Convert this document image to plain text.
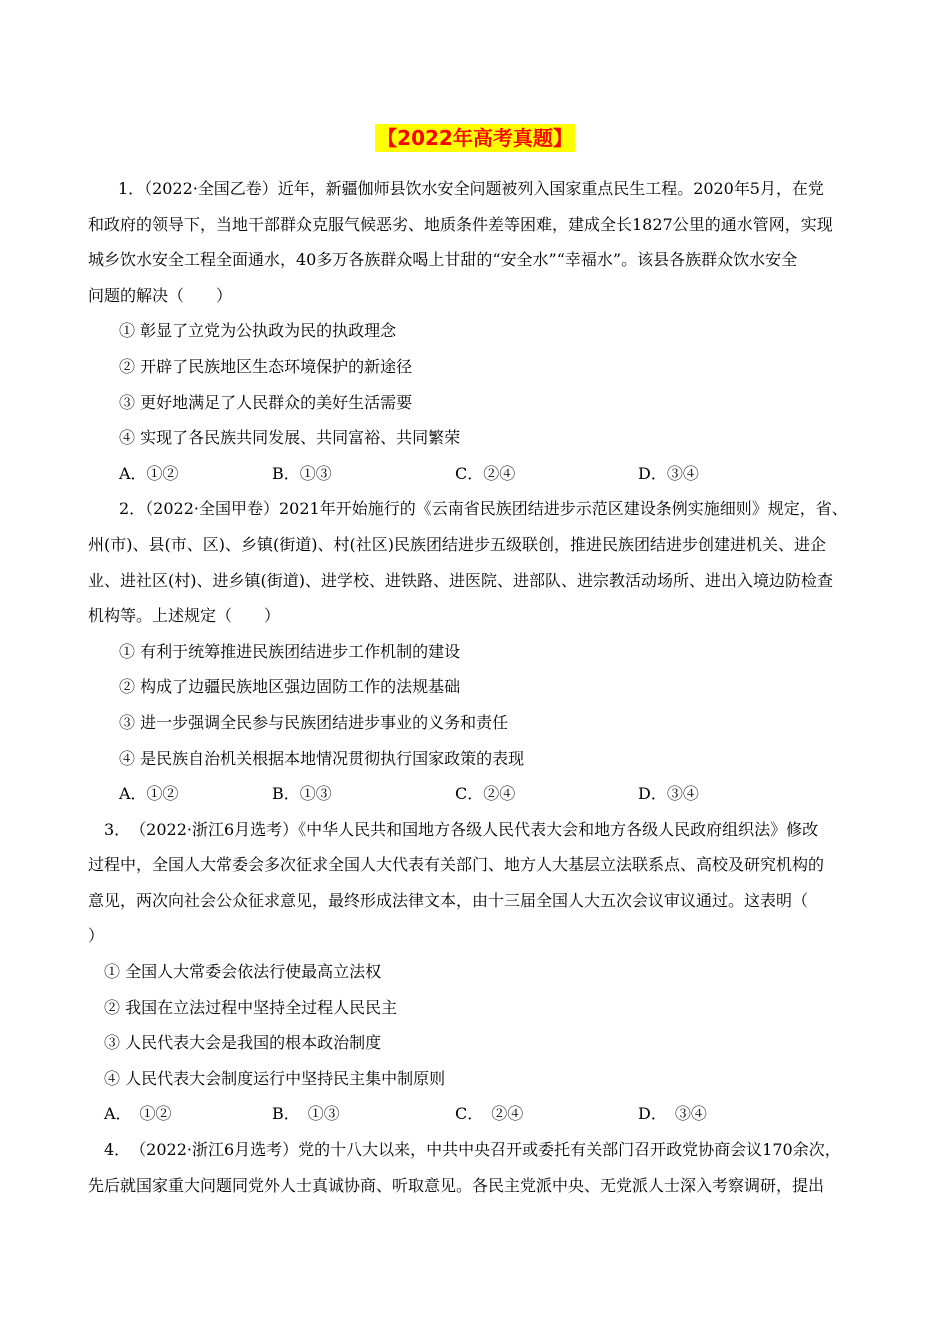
【2022年高考真题】
1．（2022·全国乙卷）近年，新疆伽师县饮水安全问题被列入国家重点民生工程。2020年5月，在党
和政府的领导下，当地干部群众克服气候恶劣、地质条件差等困难，建成全长1827公里的通水管网，实现
城乡饮水安全工程全面通水，40多万各族群众喝上甘甜的“安全水”“幸福水”。该县各族群众饮水安全
问题的解决（　　）
① 彰显了立党为公执政为民的执政理念
② 开辟了民族地区生态环境保护的新途径
③ 更好地满足了人民群众的美好生活需要
④ 实现了各民族共同发展、共同富裕、共同繁荣
A．①②	B．①③	C．②④	D．③④
2．（2022·全国甲卷）2021年开始施行的《云南省民族团结进步示范区建设条例实施细则》规定，省、
州(市)、县(市、区)、乡镇(街道)、村(社区)民族团结进步五级联创，推进民族团结进步创建进机关、进企
业、进社区(村)、进乡镇(街道)、进学校、进铁路、进医院、进部队、进宗教活动场所、进出入境边防检查
机构等。上述规定（　　）
① 有利于统筹推进民族团结进步工作机制的建设
② 构成了边疆民族地区强边固防工作的法规基础
③ 进一步强调全民参与民族团结进步事业的义务和责任
④ 是民族自治机关根据本地情况贯彻执行国家政策的表现
A．①②	B．①③	C．②④	D．③④
3．　（2022·浙江6月选考）《中华人民共和国地方各级人民代表大会和地方各级人民政府组织法》修改
过程中，全国人大常委会多次征求全国人大代表有关部门、地方人大基层立法联系点、高校及研究机构的
意见，两次向社会公众征求意见，最终形成法律文本，由十三届全国人大五次会议审议通过。这表明（
）
① 全国人大常委会依法行使最高立法权
② 我国在立法过程中坚持全过程人民民主
③ 人民代表大会是我国的根本政治制度
④ 人民代表大会制度运行中坚持民主集中制原则
A．　①②	B．　①③	C．　②④	D．　③④
4．　（2022·浙江6月选考）党的十八大以来，中共中央召开或委托有关部门召开政党协商会议170余次，
先后就国家重大问题同党外人士真诚协商、听取意见。各民主党派中央、无党派人士深入考察调研，提出
